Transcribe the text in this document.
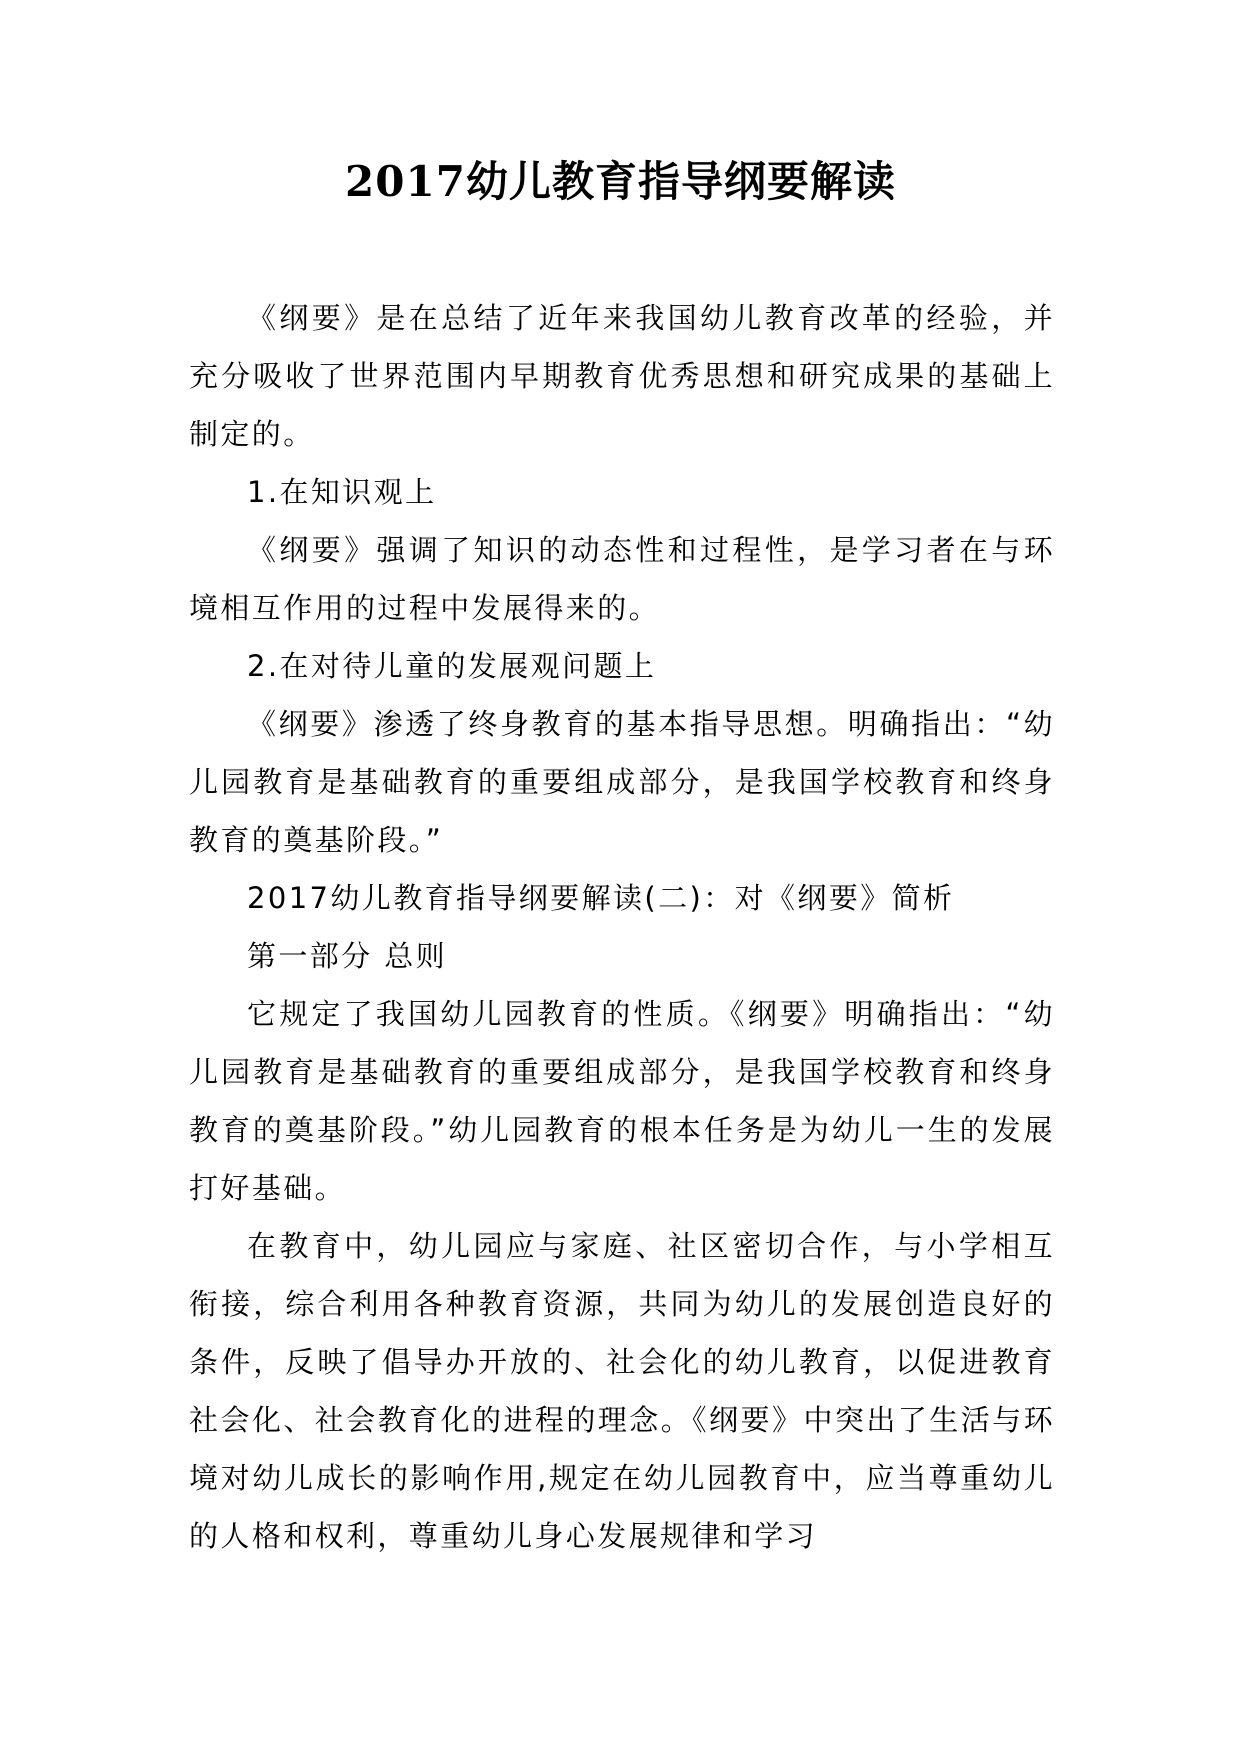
2017幼儿教育指导纲要解读

《纲要》是在总结了近年来我国幼儿教育改革的经验，并充分吸收了世界范围内早期教育优秀思想和研究成果的基础上制定的。

1.在知识观上

《纲要》强调了知识的动态性和过程性，是学习者在与环境相互作用的过程中发展得来的。

2.在对待儿童的发展观问题上

《纲要》渗透了终身教育的基本指导思想。明确指出：“幼儿园教育是基础教育的重要组成部分，是我国学校教育和终身教育的奠基阶段。”

2017幼儿教育指导纲要解读(二)：对《纲要》简析

第一部分 总则

它规定了我国幼儿园教育的性质。《纲要》明确指出：“幼儿园教育是基础教育的重要组成部分，是我国学校教育和终身教育的奠基阶段。”幼儿园教育的根本任务是为幼儿一生的发展打好基础。

在教育中，幼儿园应与家庭、社区密切合作，与小学相互衔接，综合利用各种教育资源，共同为幼儿的发展创造良好的条件，反映了倡导办开放的、社会化的幼儿教育，以促进教育社会化、社会教育化的进程的理念。《纲要》中突出了生活与环境对幼儿成长的影响作用,规定在幼儿园教育中，应当尊重幼儿的人格和权利，尊重幼儿身心发展规律和学习
